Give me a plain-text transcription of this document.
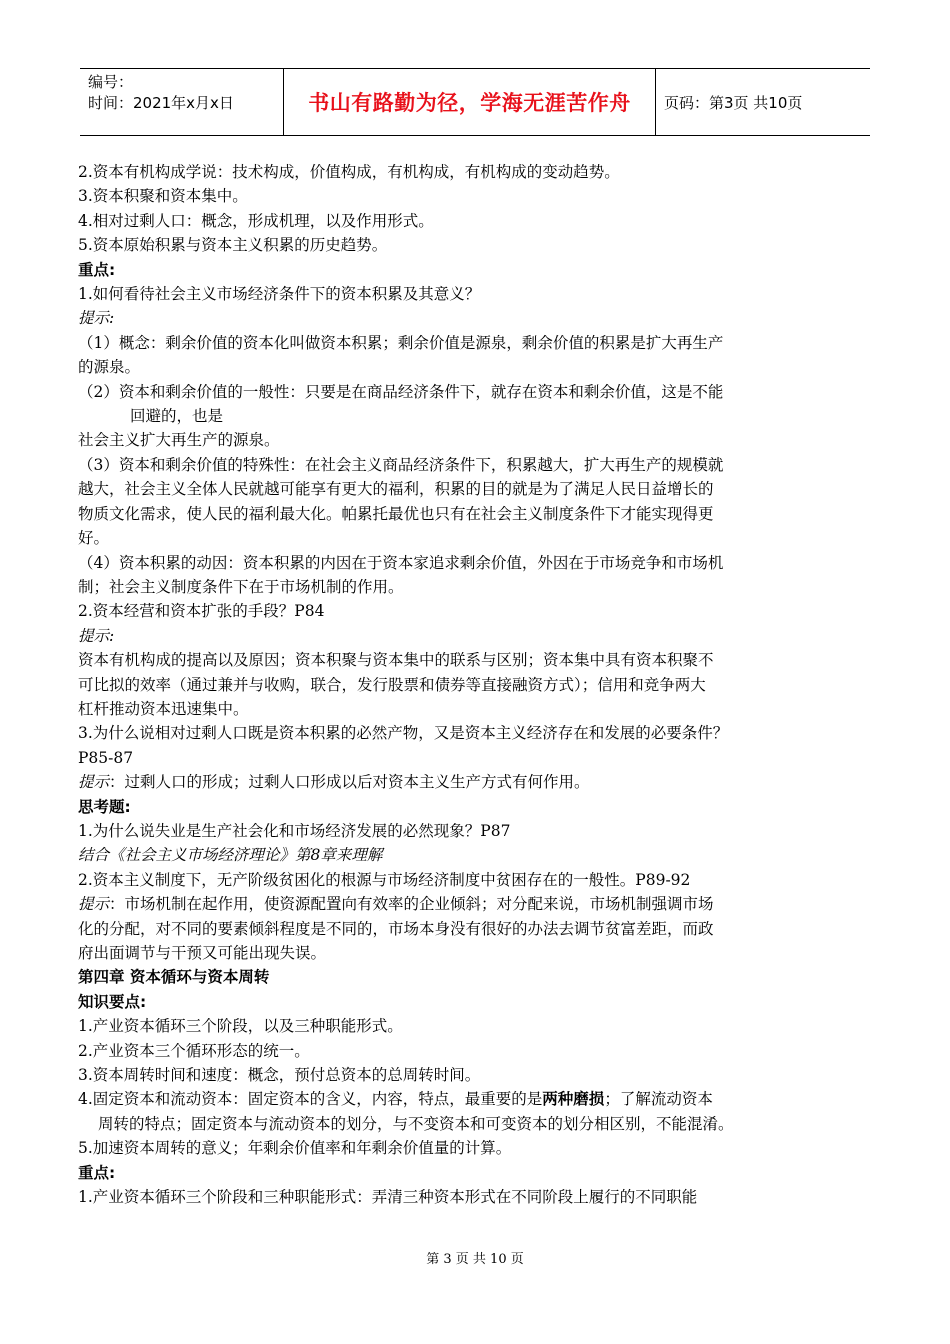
编号：
时间：2021年x月x日	书山有路勤为径，学海无涯苦作舟 页码：第3页 共10页
2.资本有机构成学说：技术构成，价值构成，有机构成，有机构成的变动趋势。
3.资本积聚和资本集中。
4.相对过剩人口：概念，形成机理，以及作用形式。
5.资本原始积累与资本主义积累的历史趋势。
重点:
1.如何看待社会主义市场经济条件下的资本积累及其意义？
提示:
（1）概念：剩余价值的资本化叫做资本积累；剩余价值是源泉，剩余价值的积累是扩大再生产
的源泉。
（2）资本和剩余价值的一般性：只要是在商品经济条件下，就存在资本和剩余价值，这是不能
回避的，也是
社会主义扩大再生产的源泉。
（3）资本和剩余价值的特殊性：在社会主义商品经济条件下，积累越大，扩大再生产的规模就
越大，社会主义全体人民就越可能享有更大的福利，积累的目的就是为了满足人民日益增长的
物质文化需求，使人民的福利最大化。帕累托最优也只有在社会主义制度条件下才能实现得更
好。
（4）资本积累的动因：资本积累的内因在于资本家追求剩余价值，外因在于市场竞争和市场机
制；社会主义制度条件下在于市场机制的作用。
2.资本经营和资本扩张的手段？P84
提示:
资本有机构成的提高以及原因；资本积聚与资本集中的联系与区别；资本集中具有资本积聚不
可比拟的效率（通过兼并与收购，联合，发行股票和债券等直接融资方式）；信用和竞争两大
杠杆推动资本迅速集中。
3.为什么说相对过剩人口既是资本积累的必然产物，又是资本主义经济存在和发展的必要条件？
P85-87
提示：过剩人口的形成；过剩人口形成以后对资本主义生产方式有何作用。
思考题:
1.为什么说失业是生产社会化和市场经济发展的必然现象？P87
结合《社会主义市场经济理论》第8章来理解
2.资本主义制度下，无产阶级贫困化的根源与市场经济制度中贫困存在的一般性。P89-92
提示：市场机制在起作用，使资源配置向有效率的企业倾斜；对分配来说，市场机制强调市场
化的分配，对不同的要素倾斜程度是不同的，市场本身没有很好的办法去调节贫富差距，而政
府出面调节与干预又可能出现失误。
第四章 资本循环与资本周转
知识要点:
1.产业资本循环三个阶段，以及三种职能形式。
2.产业资本三个循环形态的统一。
3.资本周转时间和速度：概念，预付总资本的总周转时间。
4.固定资本和流动资本：固定资本的含义，内容，特点，最重要的是两种磨损；了解流动资本
周转的特点；固定资本与流动资本的划分，与不变资本和可变资本的划分相区别，不能混淆。
5.加速资本周转的意义；年剩余价值率和年剩余价值量的计算。
重点:
1.产业资本循环三个阶段和三种职能形式：弄清三种资本形式在不同阶段上履行的不同职能
第 3 页 共 10 页
